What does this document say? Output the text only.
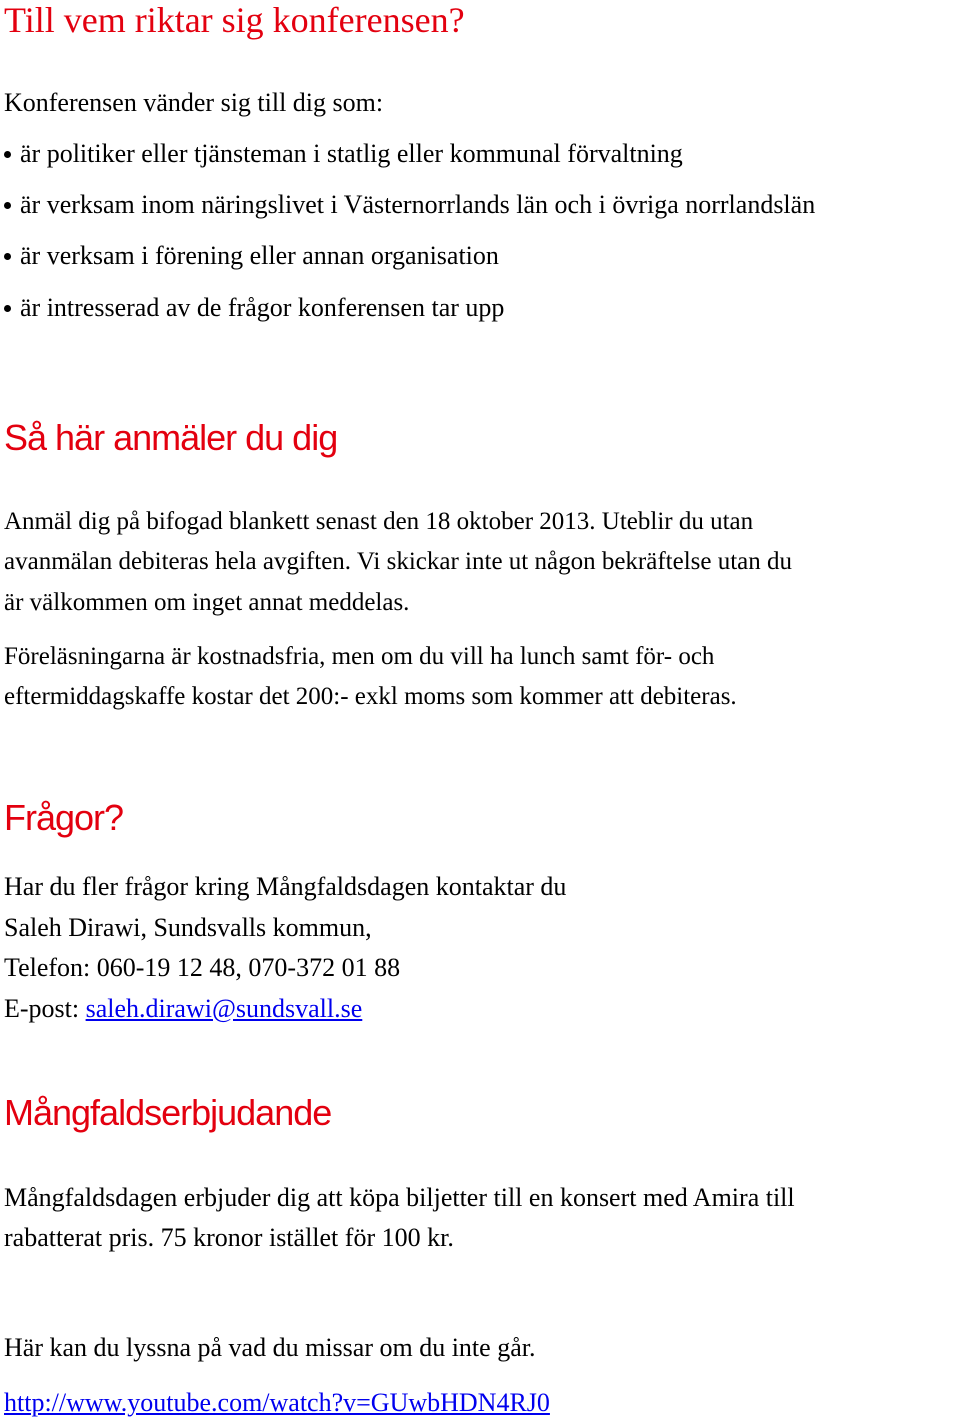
Till vem riktar sig konferensen?
Konferensen vänder sig till dig som:
är politiker eller tjänsteman i statlig eller kommunal förvaltning
är verksam inom näringslivet i Västernorrlands län och i övriga norrlandslän
är verksam i förening eller annan organisation
är intresserad av de frågor konferensen tar upp
Så här anmäler du dig
Anmäl dig på bifogad blankett senast den 18 oktober 2013. Uteblir du utan
avanmälan debiteras hela avgiften. Vi skickar inte ut någon bekräftelse utan du
är välkommen om inget annat meddelas.
Föreläsningarna är kostnadsfria, men om du vill ha lunch samt för- och
eftermiddagskaffe kostar det 200:- exkl moms som kommer att debiteras.
Frågor?
Har du fler frågor kring Mångfaldsdagen kontaktar du
Saleh Dirawi, Sundsvalls kommun,
Telefon: 060-19 12 48, 070-372 01 88
E-post: saleh.dirawi@sundsvall.se
Mångfaldserbjudande
Mångfaldsdagen erbjuder dig att köpa biljetter till en konsert med Amira till
rabatterat pris. 75 kronor istället för 100 kr.
Här kan du lyssna på vad du missar om du inte går.
http://www.youtube.com/watch?v=GUwbHDN4RJ0
